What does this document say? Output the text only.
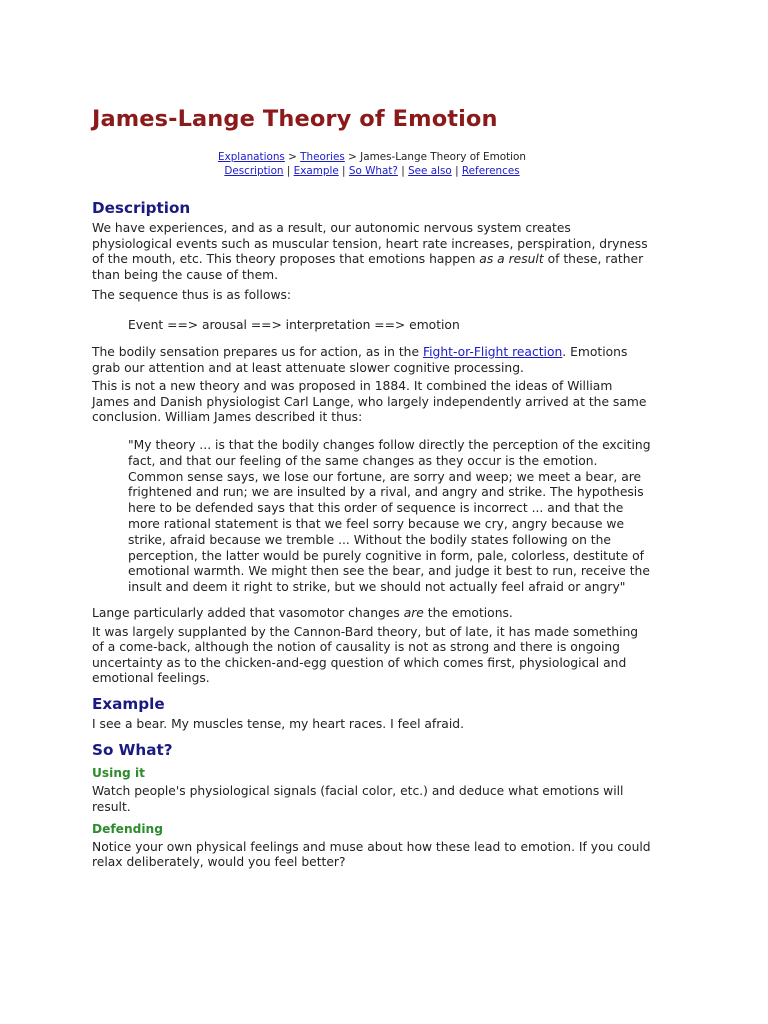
James-Lange Theory of Emotion
Explanations > Theories > James-Lange Theory of Emotion
Description | Example | So What? | See also | References
Description

We have experiences, and as a result, our autonomic nervous system creates physiological events such as muscular tension, heart rate increases, perspiration, dryness of the mouth, etc. This theory proposes that emotions happen as a result of these, rather than being the cause of them.

The sequence thus is as follows:

Event ==> arousal ==> interpretation ==> emotion

The bodily sensation prepares us for action, as in the Fight-or-Flight reaction. Emotions grab our attention and at least attenuate slower cognitive processing.

This is not a new theory and was proposed in 1884. It combined the ideas of William James and Danish physiologist Carl Lange, who largely independently arrived at the same conclusion. William James described it thus:

"My theory ... is that the bodily changes follow directly the perception of the exciting fact, and that our feeling of the same changes as they occur is the emotion. Common sense says, we lose our fortune, are sorry and weep; we meet a bear, are frightened and run; we are insulted by a rival, and angry and strike. The hypothesis here to be defended says that this order of sequence is incorrect ... and that the more rational statement is that we feel sorry because we cry, angry because we strike, afraid because we tremble ... Without the bodily states following on the perception, the latter would be purely cognitive in form, pale, colorless, destitute of emotional warmth. We might then see the bear, and judge it best to run, receive the insult and deem it right to strike, but we should not actually feel afraid or angry"

Lange particularly added that vasomotor changes are the emotions.

It was largely supplanted by the Cannon-Bard theory, but of late, it has made something of a come-back, although the notion of causality is not as strong and there is ongoing uncertainty as to the chicken-and-egg question of which comes first, physiological and emotional feelings.

Example

I see a bear. My muscles tense, my heart races. I feel afraid.

So What?
Using it

Watch people's physiological signals (facial color, etc.) and deduce what emotions will result.

Defending

Notice your own physical feelings and muse about how these lead to emotion. If you could relax deliberately, would you feel better?
